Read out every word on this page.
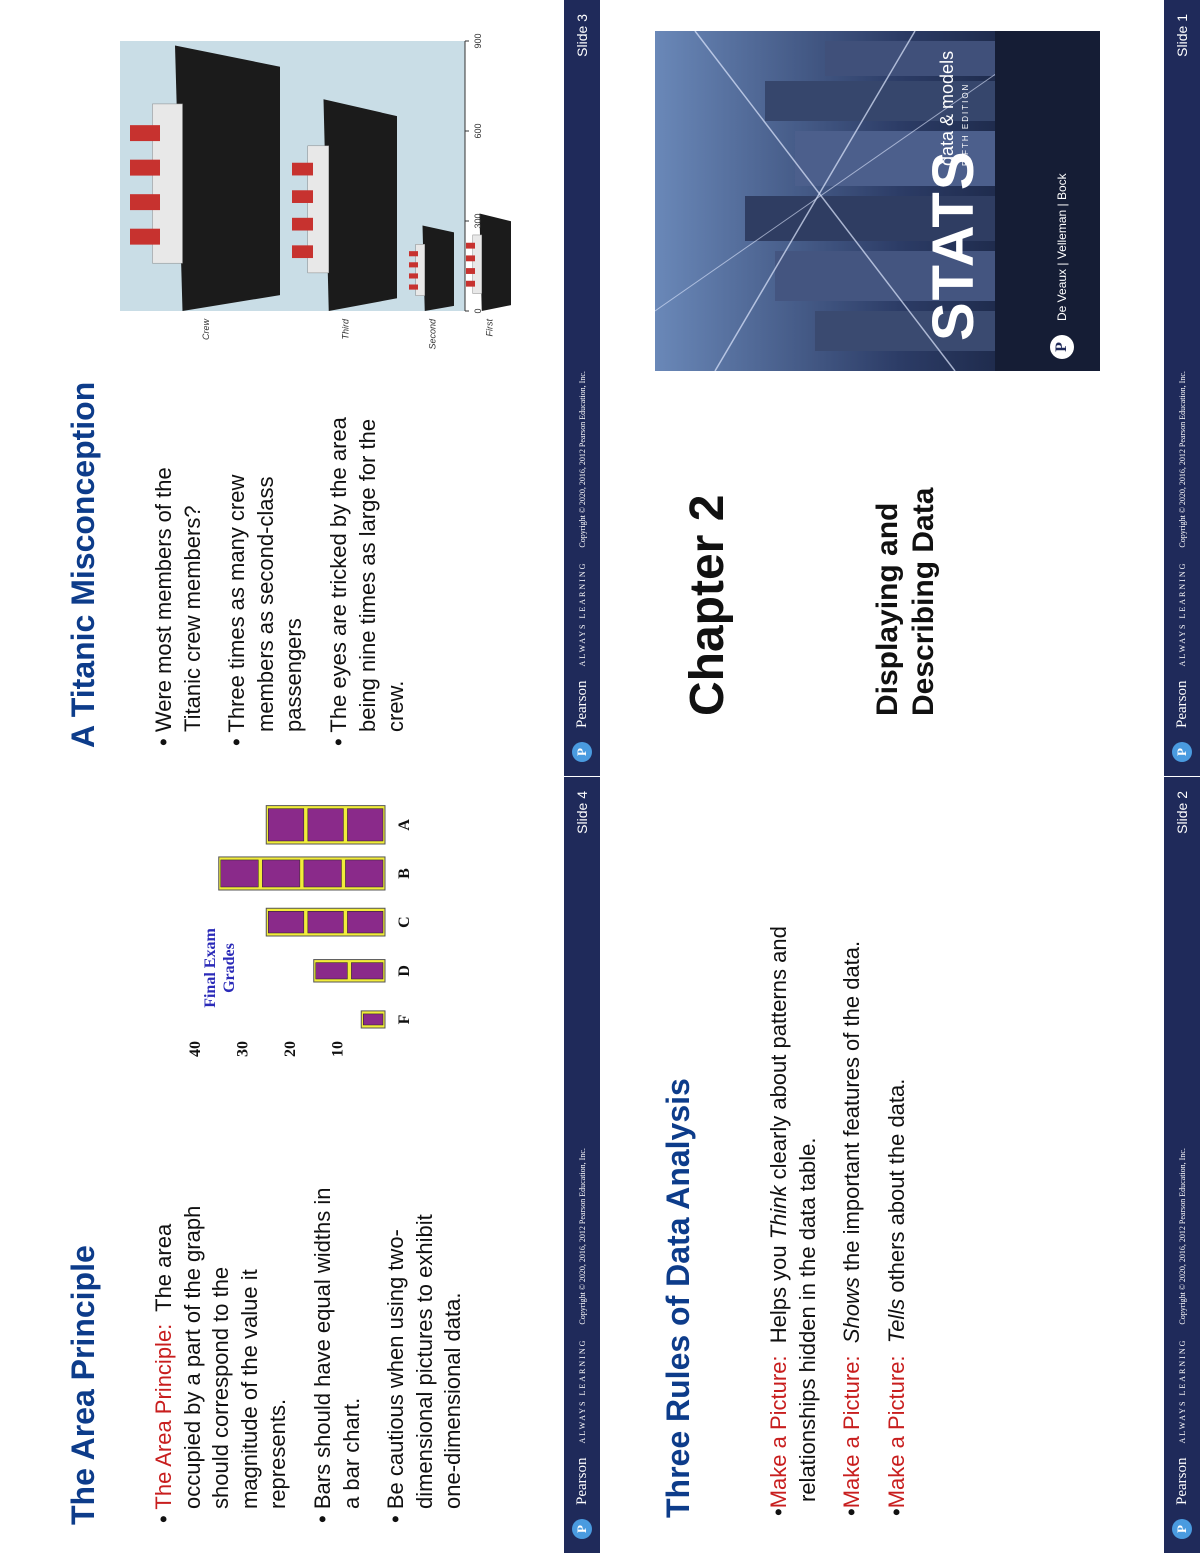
Chapter 2	Displaying and Describing Data
STATS
data & models FIFTH EDITION
P
De Veaux | Velleman | Bock
P
Pearson
ALWAYS LEARNING
Copyright © 2020, 2016, 2012 Pearson Education, Inc.
Slide 1
Three Rules of Data Analysis	•Make a Picture:  Helps you Think clearly about patterns and relationships hidden in the data table.

•Make a Picture:  Shows the important features of the data.

•Make a Picture:  Tells others about the data.

P
Pearson
ALWAYS LEARNING
Copyright © 2020, 2016, 2012 Pearson Education, Inc.
Slide 2
A Titanic Misconception • Were most members of the Titanic crew members?

• Three times as many crew members as second-class passengers

• The eyes are tricked by the area being nine times as large for the crew.

Crew	Third	Second	First
0
300
600
900
P
Pearson
ALWAYS LEARNING
Copyright © 2020, 2016, 2012 Pearson Education, Inc.
Slide 3
The Area Principle • The Area Principle:  The area occupied by a part of the graph should correspond to the magnitude of the value it represents.

• Bars should have equal widths in a bar chart.

• Be cautious when using two-dimensional pictures to exhibit one-dimensional data.

10
20
30
40
Final Exam Grades
F
D
C
B
A
P
Pearson
ALWAYS LEARNING
Copyright © 2020, 2016, 2012 Pearson Education, Inc.
Slide 4
